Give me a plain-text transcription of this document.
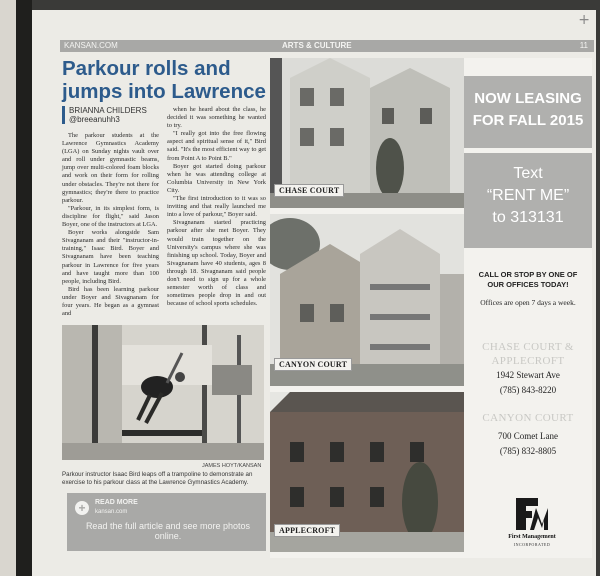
+
KANSAN.COM	ARTS & CULTURE	11
Parkour rolls and jumps into Lawrence
BRIANNA CHILDERS
@breeanuhh3

The parkour students at the Lawrence Gymnastics Academy (LGA) on Sunday nights vault over and roll under gymnastic beams, jump over multi-colored foam blocks and work on their form for rolling under obstacles. They're not there for gymnastics; they're there to practice parkour.

"Parkour, in its simplest form, is discipline for flight," said Jason Boyer, one of the instructors at LGA.

Boyer works alongside Sam Sivagnanam and their "instructor-in-training," Isaac Bird. Boyer and Sivagnanam have been teaching parkour in Lawrence for five years and have taught more than 100 people, including Bird.

Bird has been learning parkour under Boyer and Sivagnanam for four years. He began as a gymnast and

when he heard about the class, he decided it was something he wanted to try.

"I really got into the free flowing aspect and spiritual sense of it," Bird said. "It's the most efficient way to get from Point A to Point B."

Boyer got started doing parkour when he was attending college at Columbia University in New York City.

"The first introduction to it was so inviting and that really launched me into a love of parkour," Boyer said.

Sivagnanam started practicing parkour after she met Boyer. They would train together on the University's campus where she was finishing up school. Today, Boyer and Sivagnanam have 40 students, ages 8 through 18. Sivagnanam said people don't need to sign up for a whole semester worth of class and sometimes people drop in and out because of school sports schedules.

JAMES HOYT/KANSAN

Parkour instructor Isaac Bird leaps off a trampoline to demonstrate an exercise to his parkour class at the Lawrence Gymnastics Academy.

+	READ MORE
kansan.com
Read the full article and see more photos online.
CHASE COURT
CANYON COURT
APPLECROFT
NOW LEASING
FOR FALL 2015
Text
“RENT ME”
to 313131
CALL OR STOP BY ONE OF
OUR OFFICES TODAY!
Offices are open 7 days a week.
CHASE COURT &
APPLECROFT
1942 Stewart Ave
(785) 843-8220
CANYON COURT
700 Comet Lane
(785) 832-8805
First Management
INCORPORATED
